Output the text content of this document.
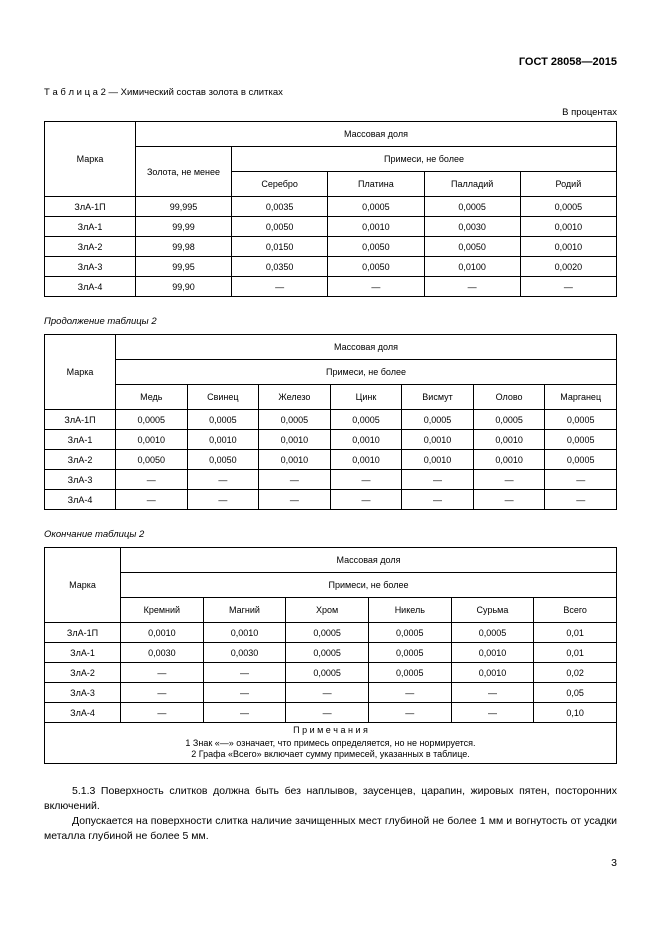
ГОСТ 28058—2015
Т а б л и ц а 2 — Химический состав золота в слитках
В процентах
Марка	Массовая доля				
	Золота, не менее	Примеси, не более			
		Серебро	Платина	Палладий	Родий
ЗлА-1П	99,995	0,0035	0,0005	0,0005	0,0005
ЗлА-1	99,99	0,0050	0,0010	0,0030	0,0010
ЗлА-2	99,98	0,0150	0,0050	0,0050	0,0010
ЗлА-3	99,95	0,0350	0,0050	0,0100	0,0020
ЗлА-4	99,90	—	—	—	—
Продолжение таблицы 2
Марка	Массовая доля						
	Примеси, не более						
	Медь	Свинец	Железо	Цинк	Висмут	Олово	Марганец
ЗлА-1П	0,0005	0,0005	0,0005	0,0005	0,0005	0,0005	0,0005
ЗлА-1	0,0010	0,0010	0,0010	0,0010	0,0010	0,0010	0,0005
ЗлА-2	0,0050	0,0050	0,0010	0,0010	0,0010	0,0010	0,0005
ЗлА-3	—	—	—	—	—	—	—
ЗлА-4	—	—	—	—	—	—	—
Окончание таблицы 2
Марка	Массовая доля					
	Примеси, не более					
	Кремний	Магний	Хром	Никель	Сурьма	Всего
ЗлА-1П	0,0010	0,0010	0,0005	0,0005	0,0005	0,01
ЗлА-1	0,0030	0,0030	0,0005	0,0005	0,0010	0,01
ЗлА-2	—	—	0,0005	0,0005	0,0010	0,02
ЗлА-3	—	—	—	—	—	0,05
ЗлА-4	—	—	—	—	—	0,10

П р и м е ч а н и я
1 Знак «—» означает, что примесь определяется, но не нормируется.
2 Графа «Всего» включает сумму примесей, указанных в таблице.						

5.1.3 Поверхность слитков должна быть без наплывов, заусенцев, царапин, жировых пятен, посторонних включений.

Допускается на поверхности слитка наличие зачищенных мест глубиной не более 1 мм и вогнутость от усадки металла глубиной не более 5 мм.

3
